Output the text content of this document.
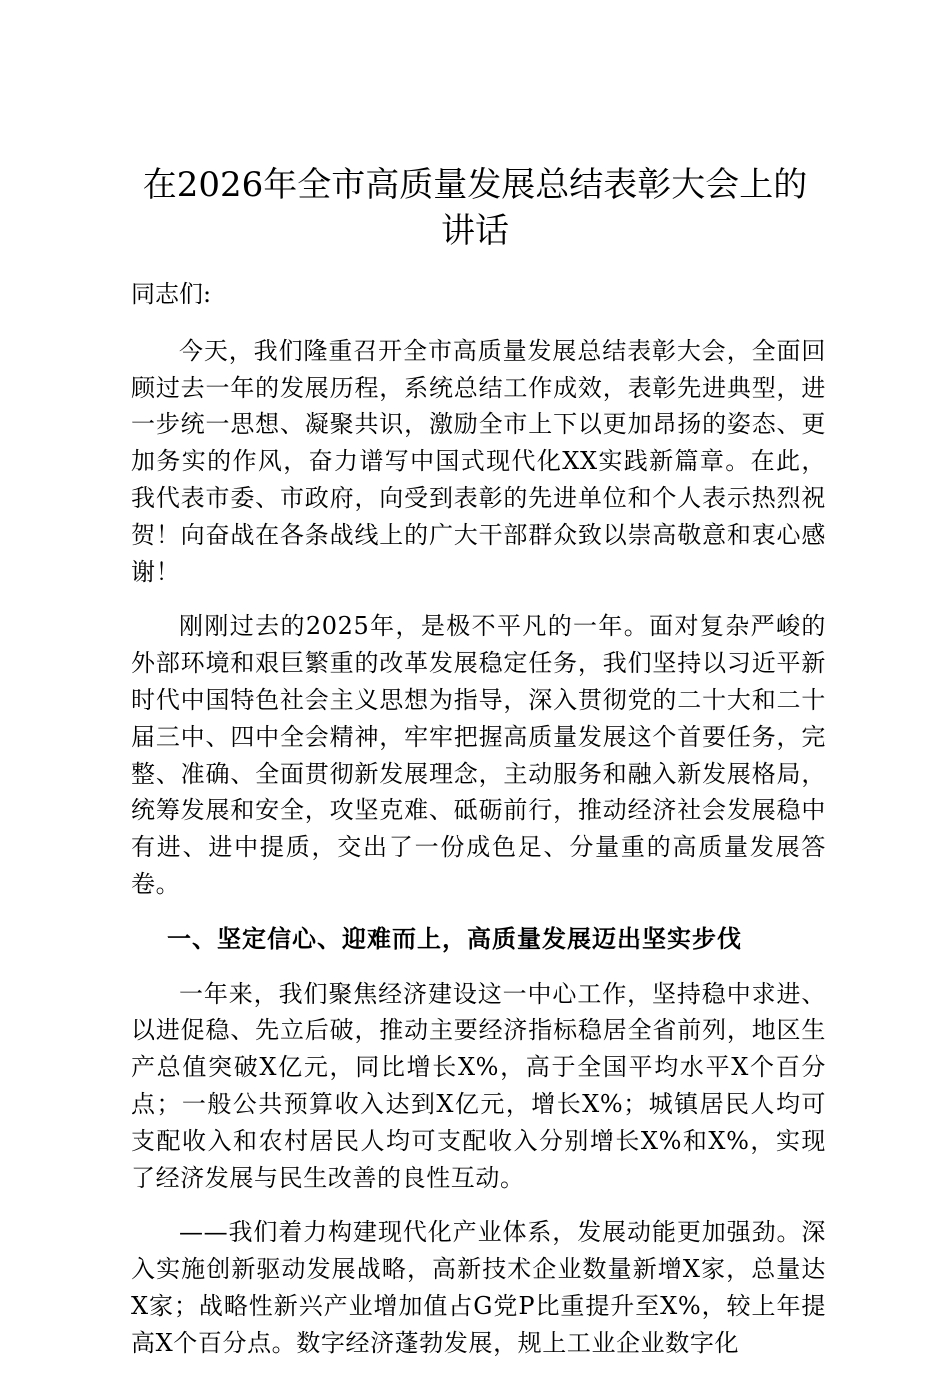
在2026年全市高质量发展总结表彰大会上的
讲话

同志们:

今天，我们隆重召开全市高质量发展总结表彰大会，全面回顾过去一年的发展历程，系统总结工作成效，表彰先进典型，进一步统一思想、凝聚共识，激励全市上下以更加昂扬的姿态、更加务实的作风，奋力谱写中国式现代化XX实践新篇章。在此，我代表市委、市政府，向受到表彰的先进单位和个人表示热烈祝贺！向奋战在各条战线上的广大干部群众致以崇高敬意和衷心感谢！

刚刚过去的2025年，是极不平凡的一年。面对复杂严峻的外部环境和艰巨繁重的改革发展稳定任务，我们坚持以习近平新时代中国特色社会主义思想为指导，深入贯彻党的二十大和二十届三中、四中全会精神，牢牢把握高质量发展这个首要任务，完整、准确、全面贯彻新发展理念，主动服务和融入新发展格局，统筹发展和安全，攻坚克难、砥砺前行，推动经济社会发展稳中有进、进中提质，交出了一份成色足、分量重的高质量发展答卷。

一、坚定信心、迎难而上，高质量发展迈出坚实步伐

一年来，我们聚焦经济建设这一中心工作，坚持稳中求进、以进促稳、先立后破，推动主要经济指标稳居全省前列，地区生产总值突破X亿元，同比增长X%，高于全国平均水平X个百分点；一般公共预算收入达到X亿元，增长X%；城镇居民人均可支配收入和农村居民人均可支配收入分别增长X%和X%，实现了经济发展与民生改善的良性互动。

——我们着力构建现代化产业体系，发展动能更加强劲。深入实施创新驱动发展战略，高新技术企业数量新增X家，总量达X家；战略性新兴产业增加值占G党P比重提升至X%，较上年提高X个百分点。数字经济蓬勃发展，规上工业企业数字化
